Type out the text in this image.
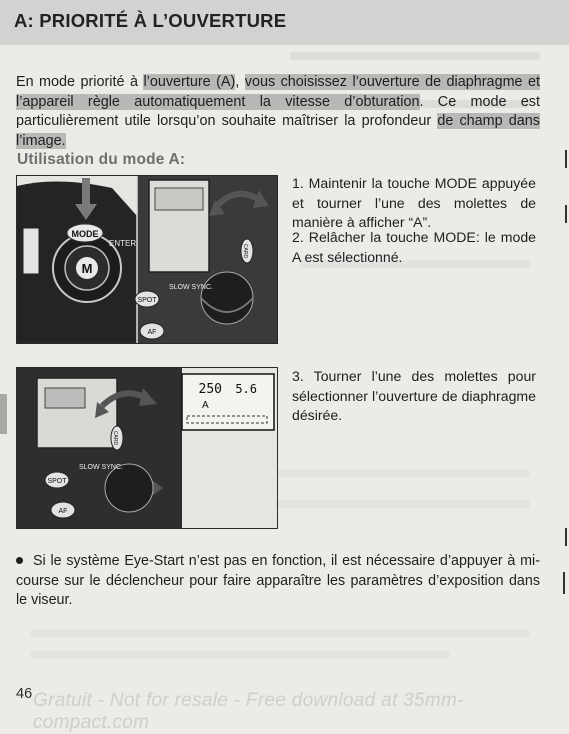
A: PRIORITÉ À L’OUVERTURE
En mode priorité à l’ouverture (A), vous choisissez l’ouverture de diaphragme et l’appareil règle automatiquement la vitesse d’obturation. Ce mode est particulièrement utile lorsqu’on souhaite maîtriser la profondeur de champ dans l’image.
Utilisation du mode A:
M
MODE
ENTER
SPOT
AF
SLOW SYNC.
CARD
250 5.6
A
SPOT
AF
SLOW SYNC.
CARD
1. Maintenir la touche MODE appuyée et tourner l’une des molettes de manière à afficher “A”.
2. Relâcher la touche MODE: le mode A est sélectionné.
3. Tourner l’une des molettes pour sélectionner l’ouverture de diaphragme désirée.
Si le système Eye-Start n’est pas en fonction, il est nécessaire d’appuyer à mi-course sur le déclencheur pour faire apparaître les paramètres d’exposition dans le viseur.
46 Gratuit - Not for resale - Free download at 35mm-compact.com
